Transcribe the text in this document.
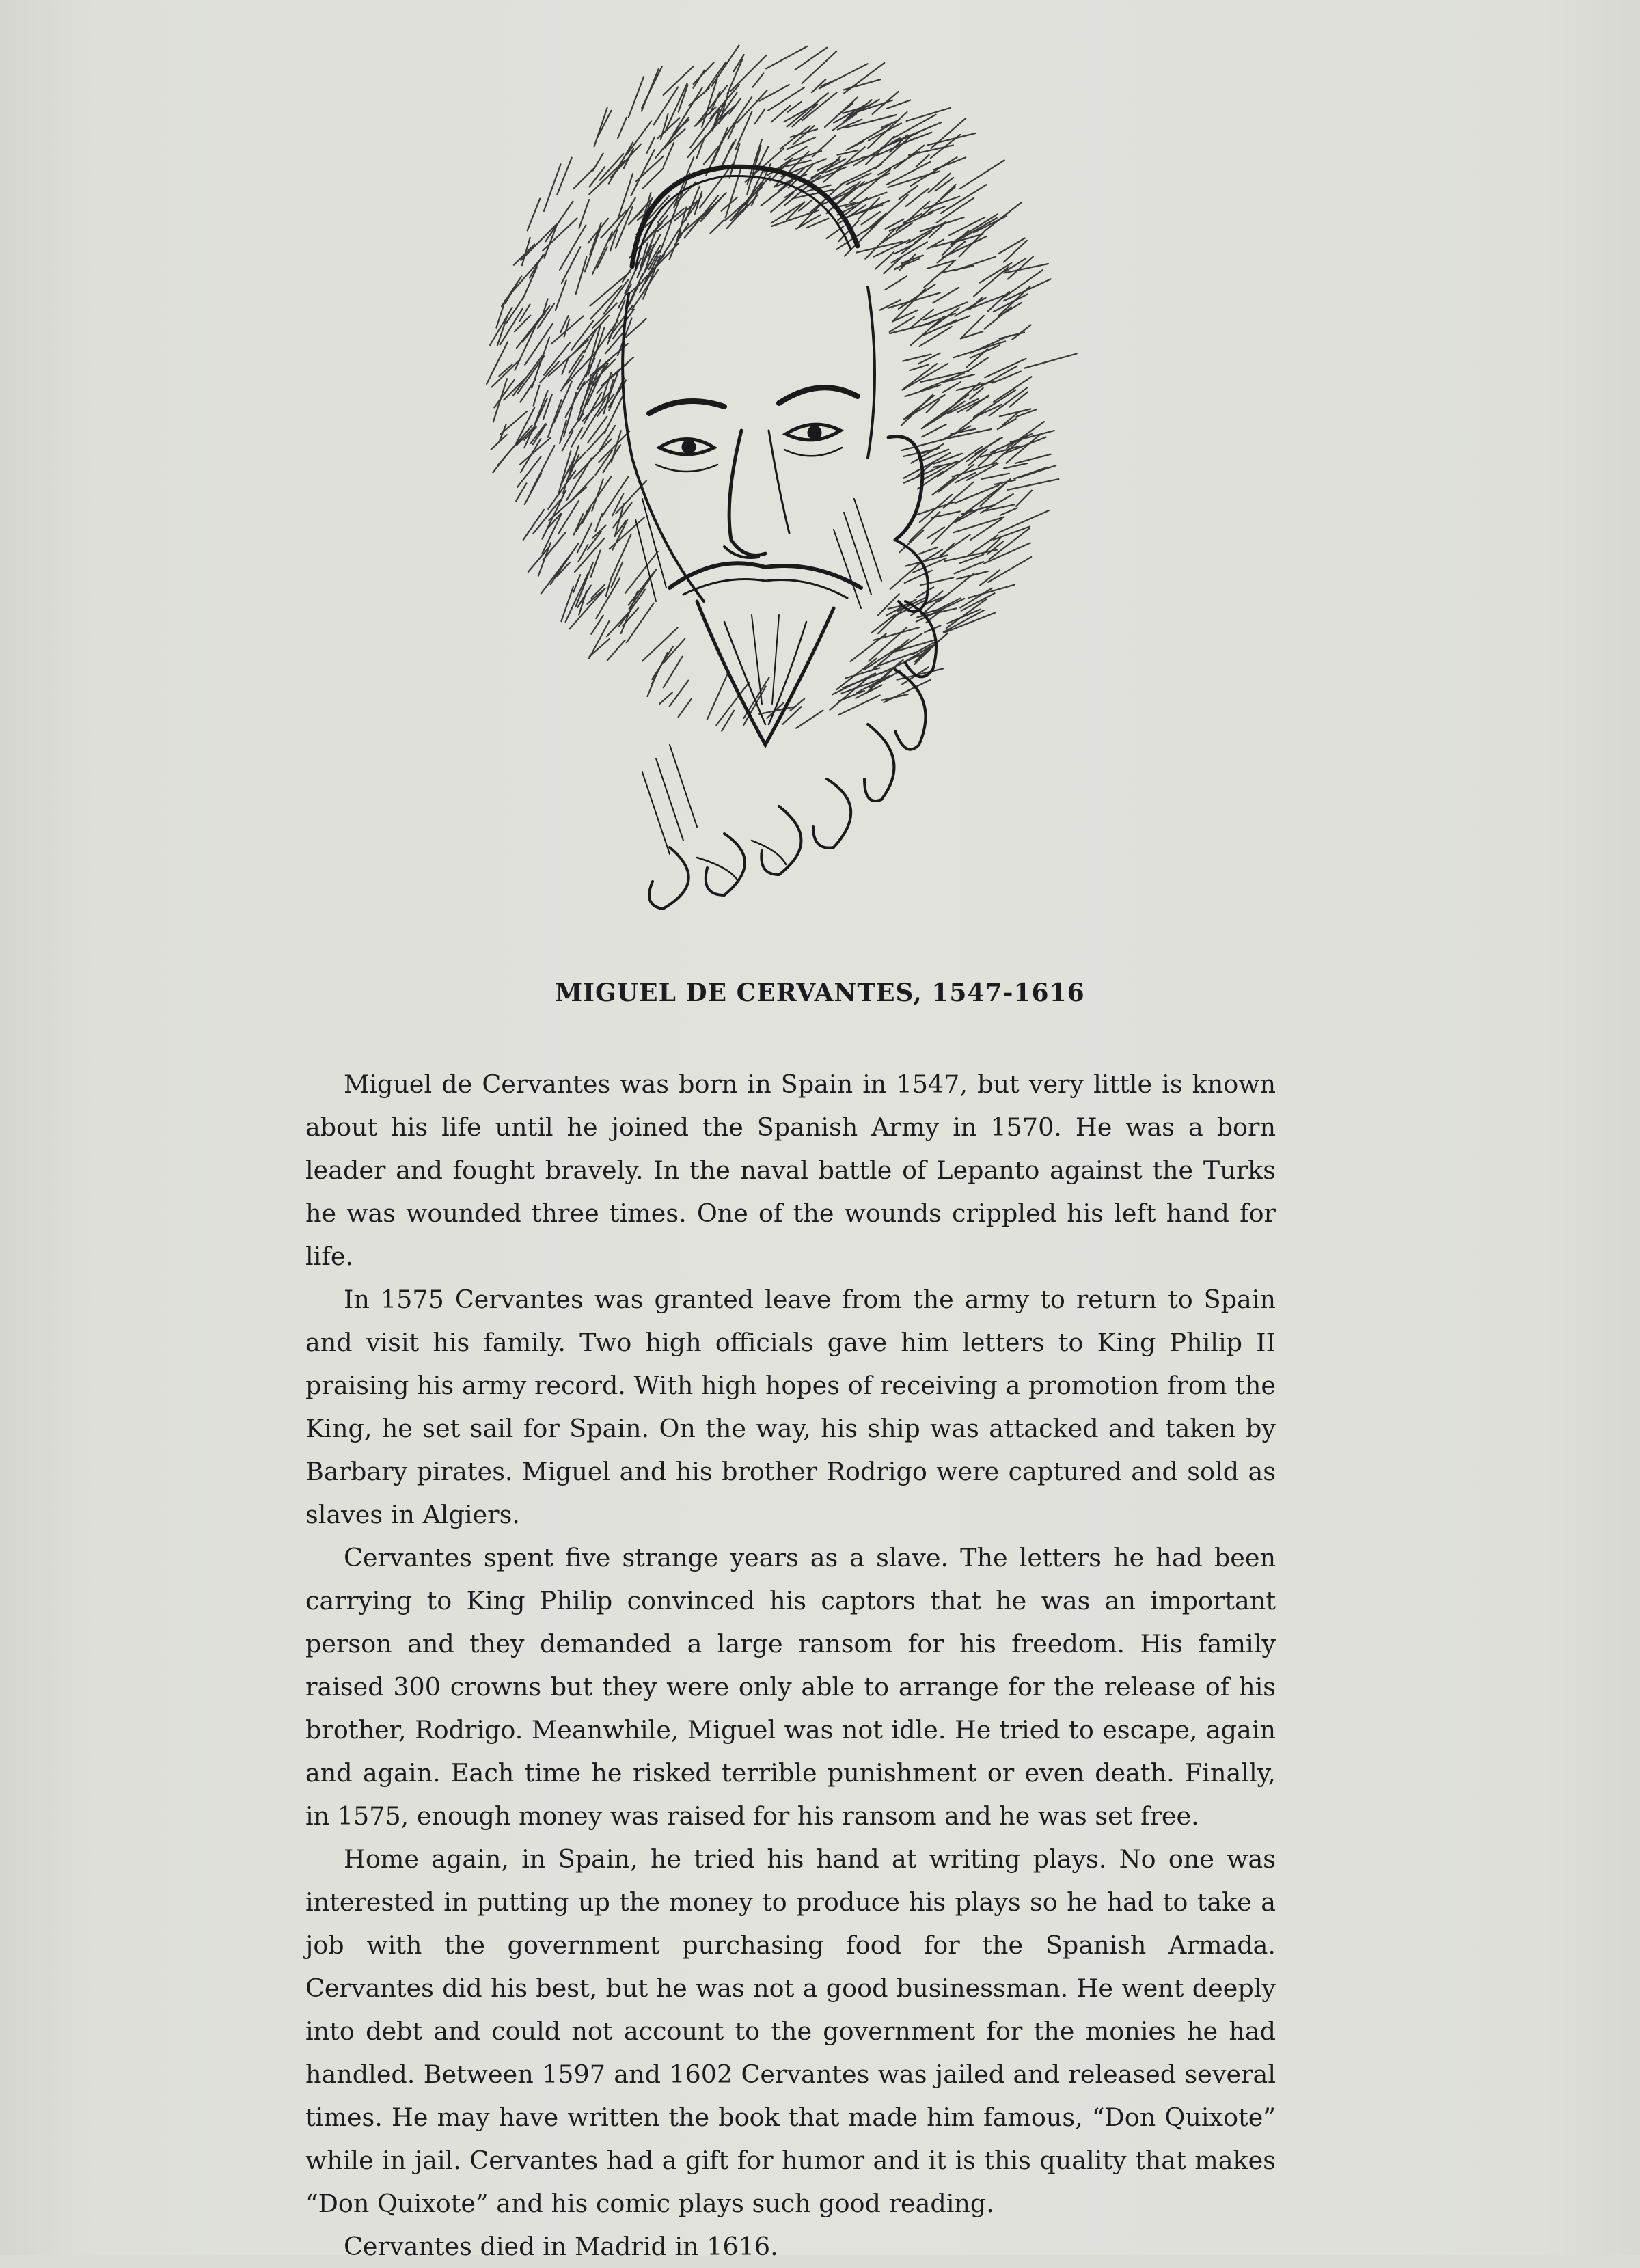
MIGUEL DE CERVANTES, 1547-1616

Miguel de Cervantes was born in Spain in 1547, but very little is known about his life until he joined the Spanish Army in 1570. He was a born leader and fought bravely. In the naval battle of Lepanto against the Turks he was wounded three times. One of the wounds crippled his left hand for life.

In 1575 Cervantes was granted leave from the army to return to Spain and visit his family. Two high officials gave him letters to King Philip II praising his army record. With high hopes of receiving a promotion from the King, he set sail for Spain. On the way, his ship was attacked and taken by Barbary pirates. Miguel and his brother Rodrigo were captured and sold as slaves in Algiers.

Cervantes spent five strange years as a slave. The letters he had been carrying to King Philip convinced his captors that he was an important person and they demanded a large ransom for his freedom. His family raised 300 crowns but they were only able to arrange for the release of his brother, Rodrigo. Meanwhile, Miguel was not idle. He tried to escape, again and again. Each time he risked terrible punishment or even death. Finally, in 1575, enough money was raised for his ransom and he was set free.

Home again, in Spain, he tried his hand at writing plays. No one was interested in putting up the money to produce his plays so he had to take a job with the government purchasing food for the Spanish Armada. Cervantes did his best, but he was not a good businessman. He went deeply into debt and could not account to the government for the monies he had handled. Between 1597 and 1602 Cervantes was jailed and released several times. He may have written the book that made him famous, “Don Quixote” while in jail. Cervantes had a gift for humor and it is this quality that makes “Don Quixote” and his comic plays such good reading.

Cervantes died in Madrid in 1616.
